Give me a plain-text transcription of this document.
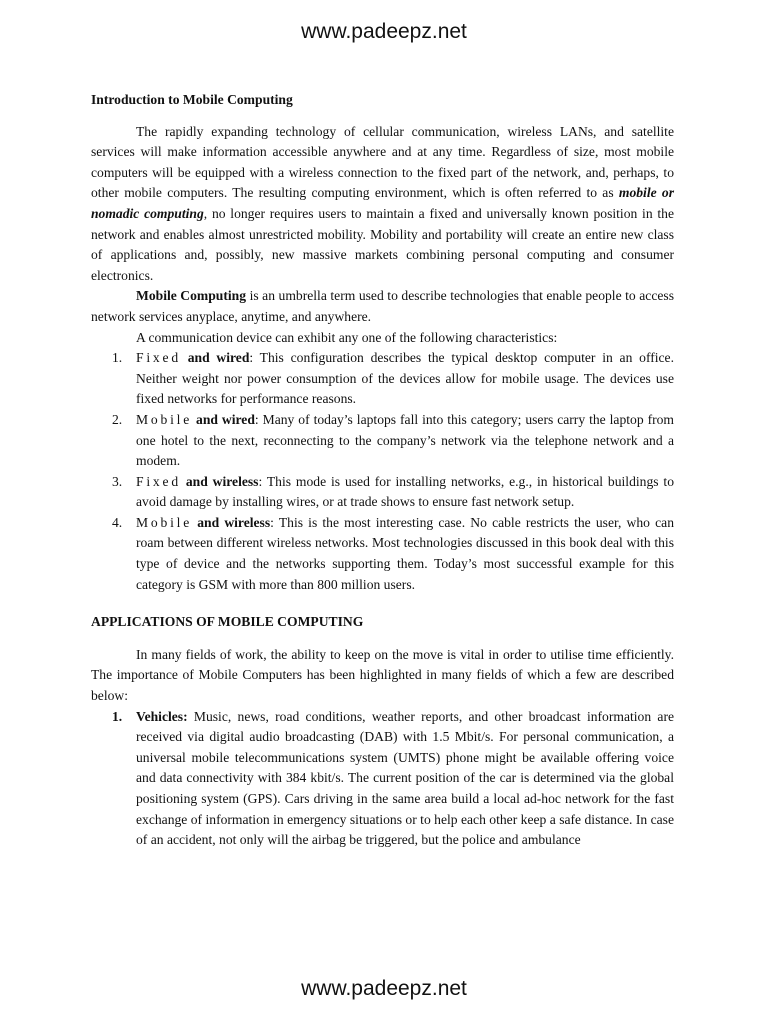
www.padeepz.net
Introduction to Mobile Computing

The rapidly expanding technology of cellular communication, wireless LANs, and satellite services will make information accessible anywhere and at any time. Regardless of size, most mobile computers will be equipped with a wireless connection to the fixed part of the network, and, perhaps, to other mobile computers. The resulting computing environment, which is often referred to as mobile or nomadic computing, no longer requires users to maintain a fixed and universally known position in the network and enables almost unrestricted mobility. Mobility and portability will create an entire new class of applications and, possibly, new massive markets combining personal computing and consumer electronics.

Mobile Computing is an umbrella term used to describe technologies that enable people to access network services anyplace, anytime, and anywhere.

A communication device can exhibit any one of the following characteristics:

1. Fixed and wired: This configuration describes the typical desktop computer in an office. Neither weight nor power consumption of the devices allow for mobile usage. The devices use fixed networks for performance reasons.
2. Mobile and wired: Many of today’s laptops fall into this category; users carry the laptop from one hotel to the next, reconnecting to the company’s network via the telephone network and a modem.
3. Fixed and wireless: This mode is used for installing networks, e.g., in historical buildings to avoid damage by installing wires, or at trade shows to ensure fast network setup.
4. Mobile and wireless: This is the most interesting case. No cable restricts the user, who can roam between different wireless networks. Most technologies discussed in this book deal with this type of device and the networks supporting them. Today’s most successful example for this category is GSM with more than 800 million users.
APPLICATIONS OF MOBILE COMPUTING

In many fields of work, the ability to keep on the move is vital in order to utilise time efficiently. The importance of Mobile Computers has been highlighted in many fields of which a few are described below:

1. Vehicles: Music, news, road conditions, weather reports, and other broadcast information are received via digital audio broadcasting (DAB) with 1.5 Mbit/s. For personal communication, a universal mobile telecommunications system (UMTS) phone might be available offering voice and data connectivity with 384 kbit/s. The current position of the car is determined via the global positioning system (GPS). Cars driving in the same area build a local ad-hoc network for the fast exchange of information in emergency situations or to help each other keep a safe distance. In case of an accident, not only will the airbag be triggered, but the police and ambulance
www.padeepz.net
